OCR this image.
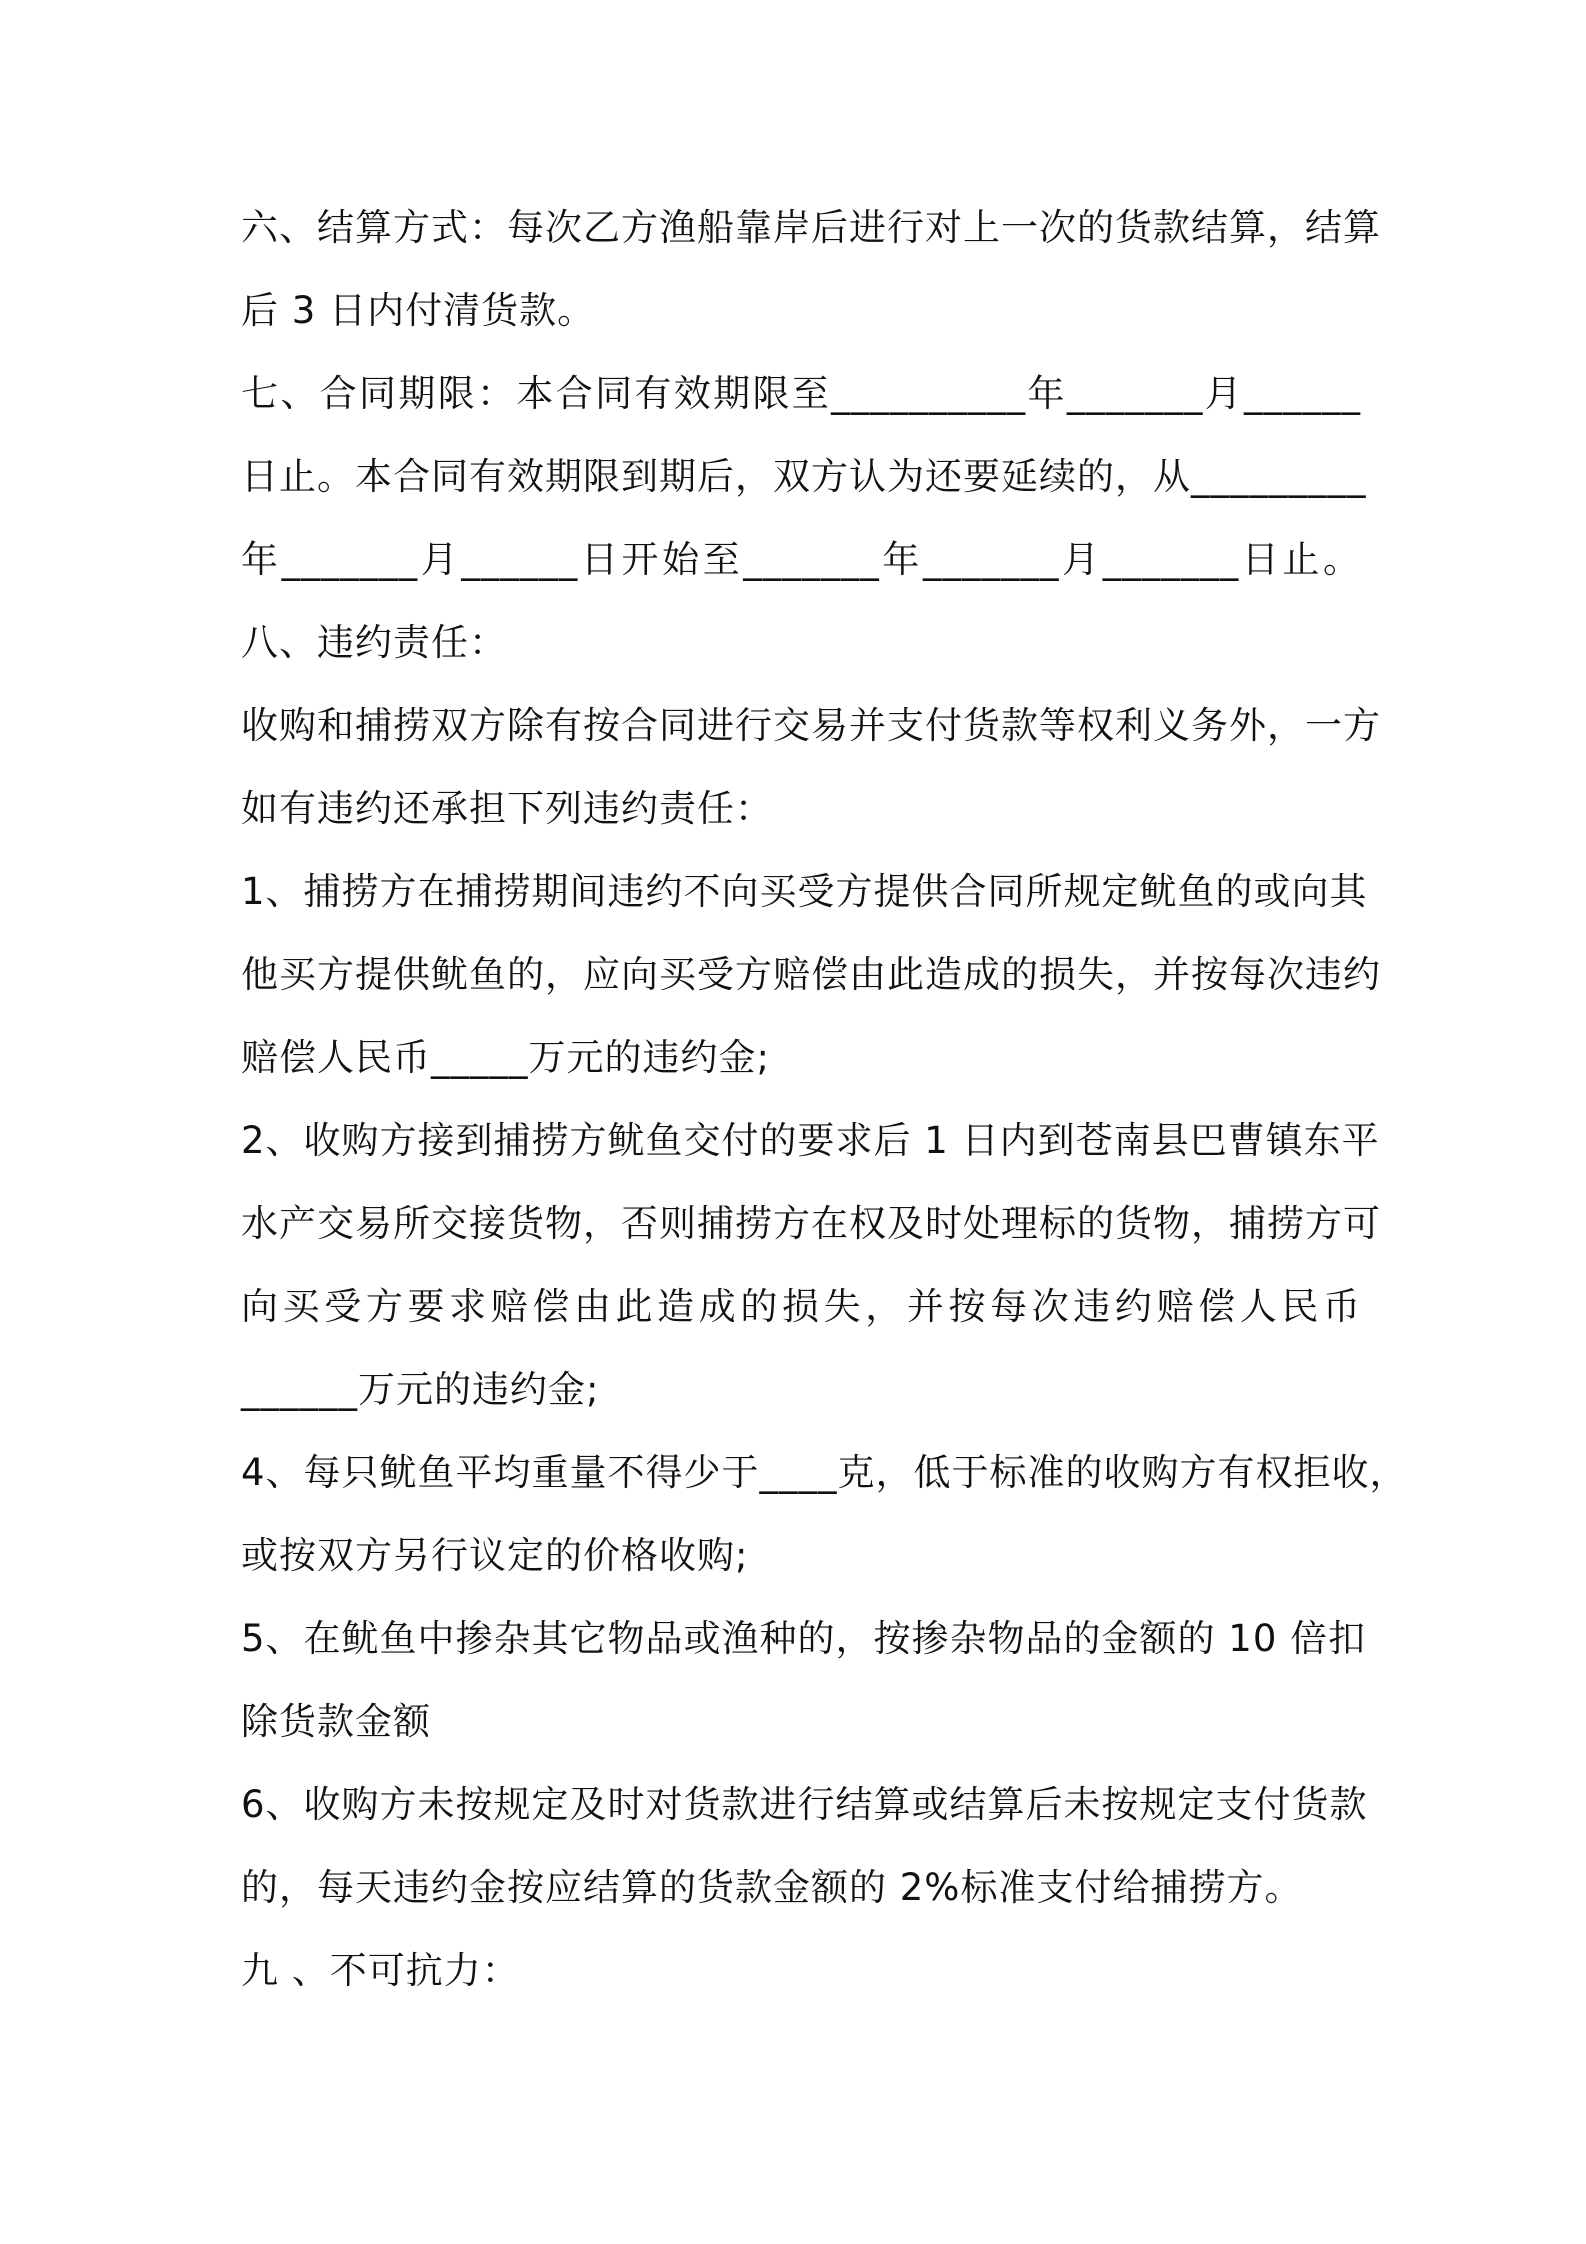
六、结算方式：每次乙方渔船靠岸后进行对上一次的货款结算，结算
后 3 日内付清货款。
七、合同期限：本合同有效期限至__________年_______月______
日止。本合同有效期限到期后，双方认为还要延续的，从_________
年_______月______日开始至_______年_______月_______日止。
八、违约责任：
收购和捕捞双方除有按合同进行交易并支付货款等权利义务外，一方
如有违约还承担下列违约责任：
1、捕捞方在捕捞期间违约不向买受方提供合同所规定鱿鱼的或向其
他买方提供鱿鱼的，应向买受方赔偿由此造成的损失，并按每次违约
赔偿人民币_____万元的违约金;
2、收购方接到捕捞方鱿鱼交付的要求后 1 日内到苍南县巴曹镇东平
水产交易所交接货物，否则捕捞方在权及时处理标的货物，捕捞方可
向买受方要求赔偿由此造成的损失，并按每次违约赔偿人民币
______万元的违约金;
4、每只鱿鱼平均重量不得少于____克，低于标准的收购方有权拒收，
或按双方另行议定的价格收购;
5、在鱿鱼中掺杂其它物品或渔种的，按掺杂物品的金额的 10 倍扣
除货款金额
6、收购方未按规定及时对货款进行结算或结算后未按规定支付货款
的，每天违约金按应结算的货款金额的 2%标准支付给捕捞方。
九 、不可抗力：
